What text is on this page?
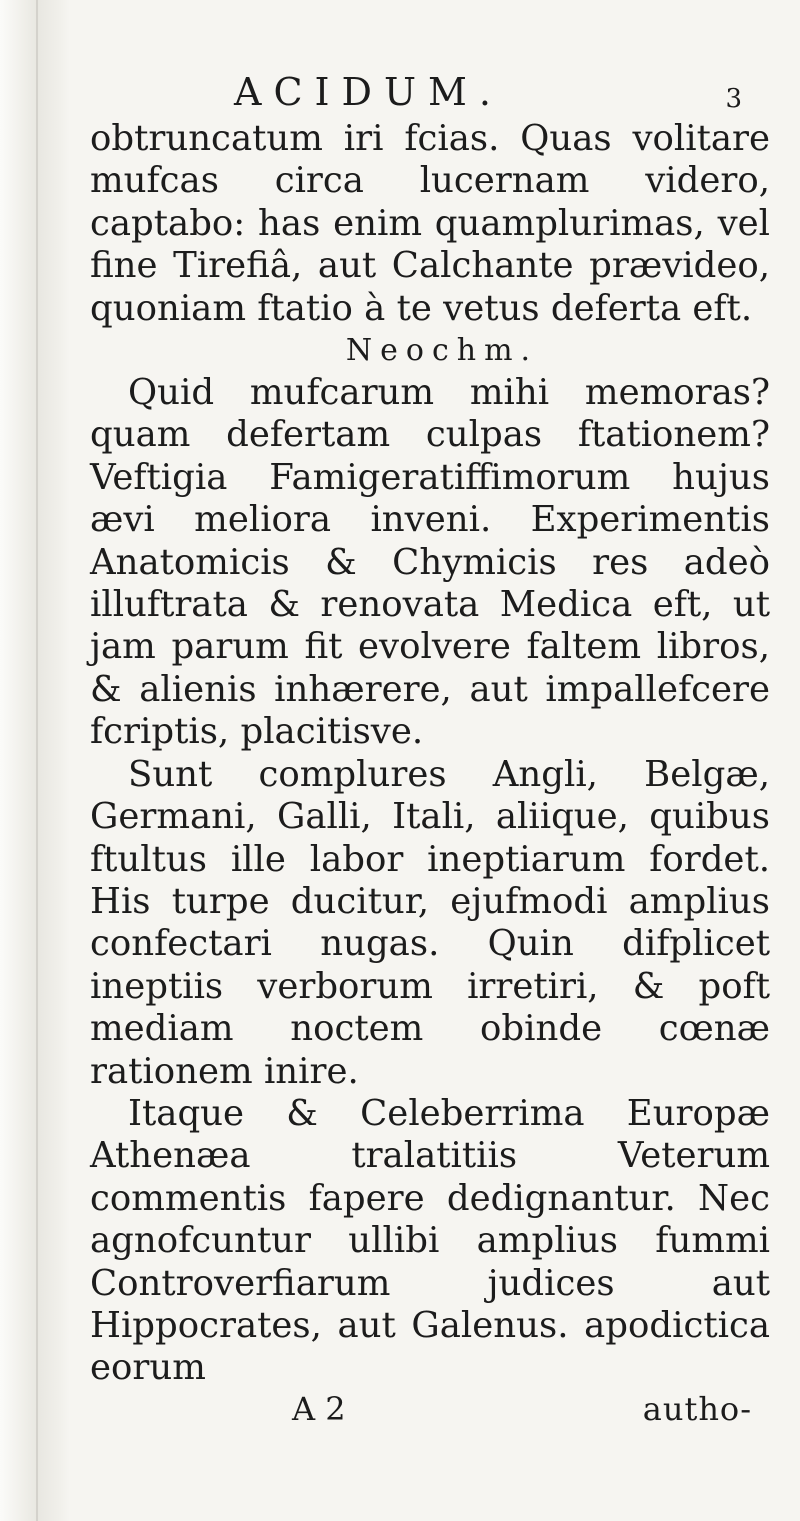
ACIDUM.	3

obtruncatum iri fcias. Quas volitare mufcas circa lucernam videro, captabo: has enim quamplurimas, vel fine Tirefiâ, aut Calchante prævideo, quoniam ftatio à te vetus deferta eft.

Neochm.

Quid mufcarum mihi memoras? quam defertam culpas ftationem? Veftigia Famigeratiffimorum hujus ævi meliora inveni. Experimentis Anatomicis & Chymicis res adeò illuftrata & renovata Medica eft, ut jam parum fit evolvere faltem libros, & alienis inhærere, aut impallefcere fcriptis, placitisve.

Sunt complures Angli, Belgæ, Germani, Galli, Itali, aliique, quibus ftultus ille labor ineptiarum fordet. His turpe ducitur, ejufmodi amplius confectari nugas. Quin difplicet ineptiis verborum irretiri, & poft mediam noctem obinde cœnæ rationem inire.

Itaque & Celeberrima Europæ Athenæa tralatitiis Veterum commentis fapere dedignantur. Nec agnofcuntur ullibi amplius fummi Controverfiarum judices aut Hippocrates, aut Galenus. apodictica eorum

A 2	autho-
